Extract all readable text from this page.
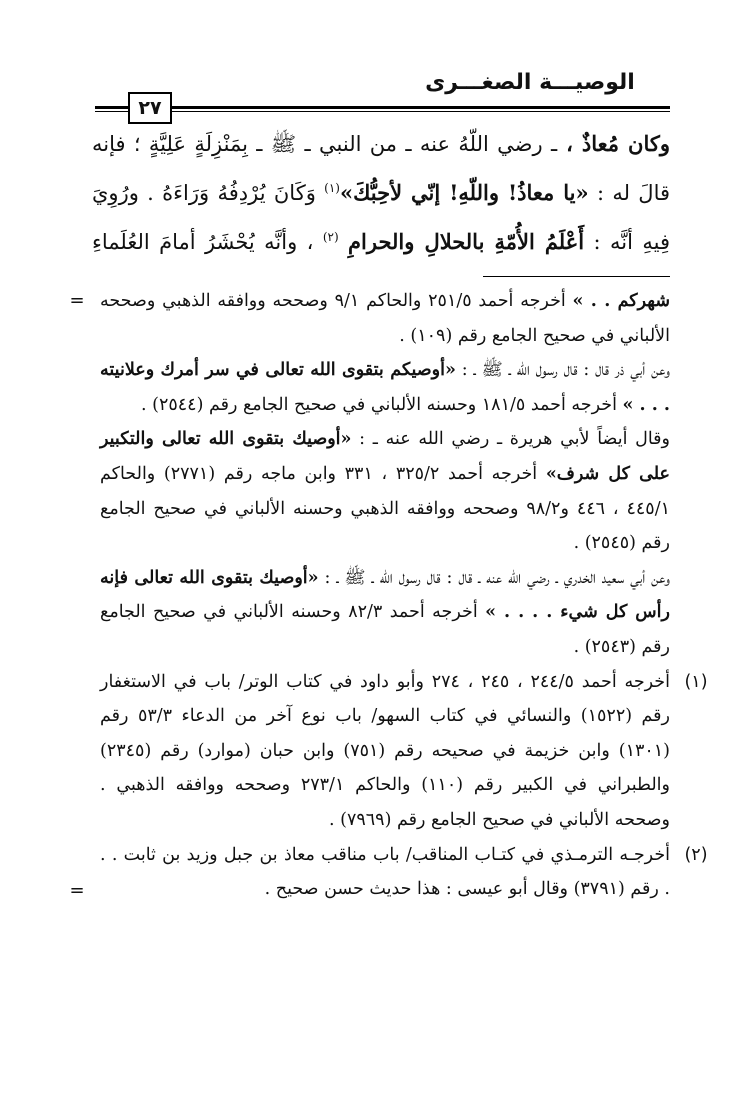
الوصيـــة الصغـــرى
٢٧

وكان مُعاذٌ ، ـ رضي اللّهُ عنه ـ من النبي ـ ﷺ ـ بِمَنْزِلَةٍ عَلِيَّةٍ ؛ فإنه قالَ له : «يا معاذُ! واللّهِ! إنّي لأحِبُّكَ»$^{(١)}$ وَكَانَ يُرْدِفُهُ وَرَاءَهُ . ورُوِيَ فِيهِ أنَّه : أَعْلَمُ الأُمّةِ بالحلالِ والحرامِ $^{(٢)}$ ، وأنَّه يُحْشَرُ أمامَ العُلَماءِ

=	شهركم . . » أخرجه أحمد ٢٥١/٥ والحاكم ٩/١ وصححه ووافقه الذهبي وصححه الألباني في صحيح الجامع رقم (١٠٩) .

وعن أبي ذر قال : قال رسول الله ـ ﷺ ـ : «أوصيكم بتقوى الله تعالى في سر أمرك وعلانيته . . . » أخرجه أحمد ١٨١/٥ وحسنه الألباني في صحيح الجامع رقم (٢٥٤٤) .

وقال أيضاً لأبي هريرة ـ رضي الله عنه ـ : «أوصيك بتقوى الله تعالى والتكبير على كل شرف» أخرجه أحمد ٣٢٥/٢ ، ٣٣١ وابن ماجه رقم (٢٧٧١) والحاكم ٤٤٥/١ ، ٤٤٦ و٩٨/٢ وصححه ووافقه الذهبي وحسنه الألباني في صحيح الجامع رقم (٢٥٤٥) .

وعن أبي سعيد الخدري ـ رضي الله عنه ـ قال : قال رسول الله ـ ﷺ ـ : «أوصيك بتقوى الله تعالى فإنه رأس كل شيء . . . . » أخرجه أحمد ٨٢/٣ وحسنه الألباني في صحيح الجامع رقم (٢٥٤٣) .

(١)

أخرجه أحمد ٢٤٤/٥ ، ٢٤٥ ، ٢٧٤ وأبو داود في كتاب الوتر/ باب في الاستغفار رقم (١٥٢٢) والنسائي في كتاب السهو/ باب نوع آخر من الدعاء ٥٣/٣ رقم (١٣٠١) وابن خزيمة في صحيحه رقم (٧٥١) وابن حبان (موارد) رقم (٢٣٤٥) والطبراني في الكبير رقم (١١٠) والحاكم ٢٧٣/١ وصححه ووافقه الذهبي . وصححه الألباني في صحيح الجامع رقم (٧٩٦٩) .

(٢)

أخرجـه الترمـذي في كتـاب المناقب/ باب مناقب معاذ بن جبل وزيد بن ثابت . . . رقم (٣٧٩١) وقال أبو عيسى : هذا حديث حسن صحيح .

=
